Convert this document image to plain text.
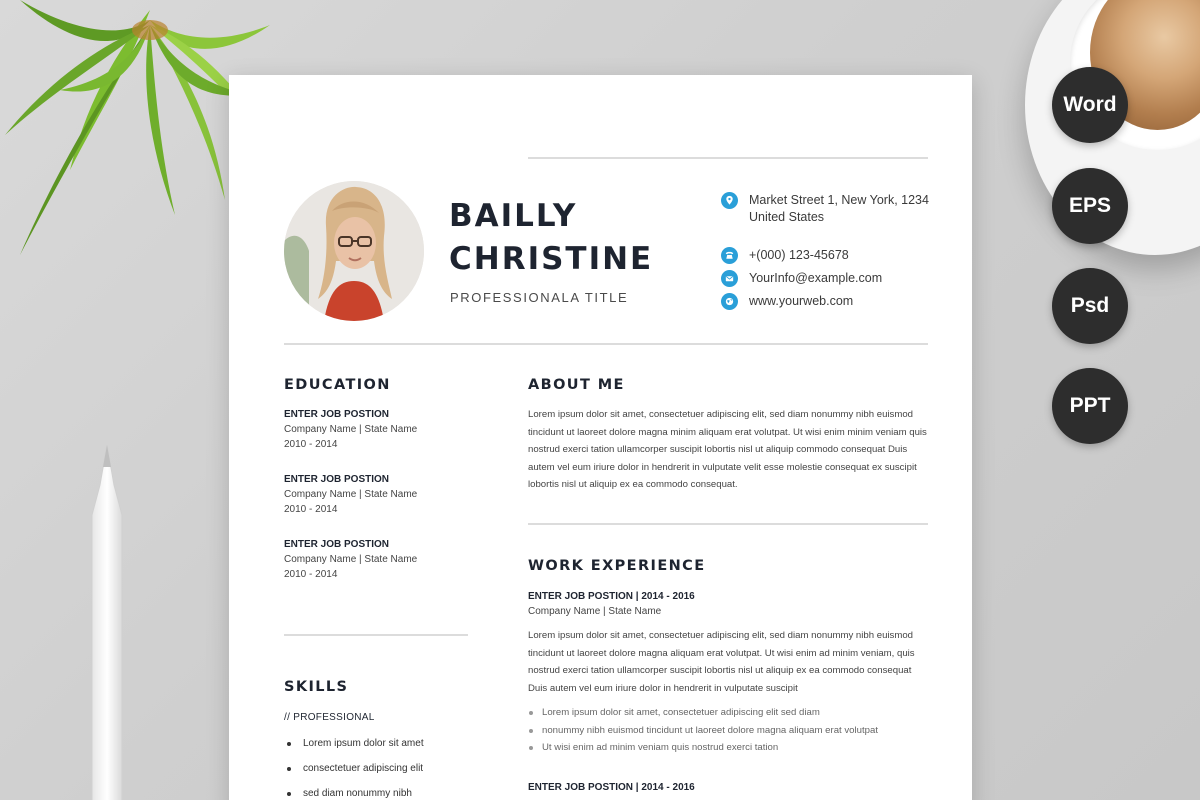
Word
EPS
Psd
PPT
BAILLY
CHRISTINE
PROFESSIONALA TITLE
Market Street 1, New York, 1234
United States
+(000) 123-45678
YourInfo@example.com
www.yourweb.com
EDUCATION
ENTER JOB POSTION
Company Name | State Name
2010 - 2014
ENTER JOB POSTION
Company Name | State Name
2010 - 2014
ENTER JOB POSTION
Company Name | State Name
2010 - 2014
SKILLS
// PROFESSIONAL
Lorem ipsum dolor sit amet
consectetuer adipiscing elit
sed diam nonummy nibh
ABOUT ME
Lorem ipsum dolor sit amet, consectetuer adipiscing elit, sed diam nonummy nibh euismod tincidunt ut laoreet dolore magna minim aliquam erat volutpat. Ut wisi enim minim veniam quis nostrud exerci tation ullamcorper suscipit lobortis nisl ut aliquip commodo consequat Duis autem vel eum iriure dolor in hendrerit in vulputate velit esse molestie consequat ex suscipit lobortis nisl ut aliquip ex ea commodo consequat.
WORK EXPERIENCE
ENTER JOB POSTION | 2014 - 2016
Company Name | State Name
Lorem ipsum dolor sit amet, consectetuer adipiscing elit, sed diam nonummy nibh euismod tincidunt ut laoreet dolore magna aliquam erat volutpat. Ut wisi enim ad minim veniam, quis nostrud exerci tation ullamcorper suscipit lobortis nisl ut aliquip ex ea commodo consequat Duis autem vel eum iriure dolor in hendrerit in vulputate suscipit
Lorem ipsum dolor sit amet, consectetuer adipiscing elit sed diam
nonummy nibh euismod tincidunt ut laoreet dolore magna aliquam erat volutpat
Ut wisi enim ad minim veniam quis nostrud exerci tation
ENTER JOB POSTION | 2014 - 2016
